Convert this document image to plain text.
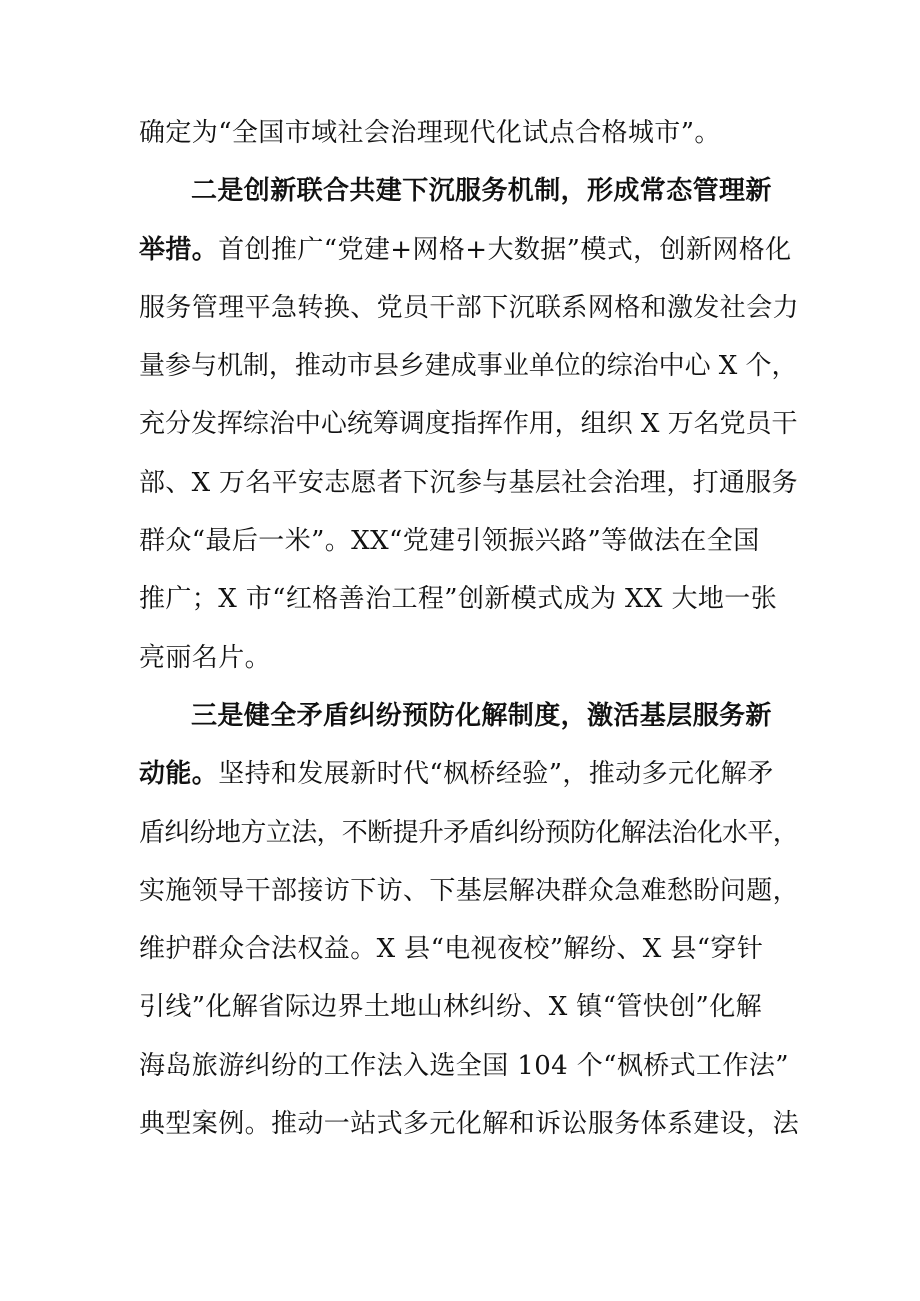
确定为“全国市域社会治理现代化试点合格城市”。

二是创新联合共建下沉服务机制，形成常态管理新
举措。首创推广“党建+网格+大数据”模式，创新网格化
服务管理平急转换、党员干部下沉联系网格和激发社会力
量参与机制，推动市县乡建成事业单位的综治中心 X 个，
充分发挥综治中心统筹调度指挥作用，组织 X 万名党员干
部、X 万名平安志愿者下沉参与基层社会治理，打通服务
群众“最后一米”。XX“党建引领振兴路”等做法在全国
推广；X 市“红格善治工程”创新模式成为 XX 大地一张
亮丽名片。

三是健全矛盾纠纷预防化解制度，激活基层服务新
动能。坚持和发展新时代“枫桥经验”，推动多元化解矛
盾纠纷地方立法，不断提升矛盾纠纷预防化解法治化水平，
实施领导干部接访下访、下基层解决群众急难愁盼问题，
维护群众合法权益。X 县“电视夜校”解纷、X 县“穿针
引线”化解省际边界土地山林纠纷、X 镇“管快创”化解
海岛旅游纠纷的工作法入选全国 104 个“枫桥式工作法”
典型案例。推动一站式多元化解和诉讼服务体系建设，法
